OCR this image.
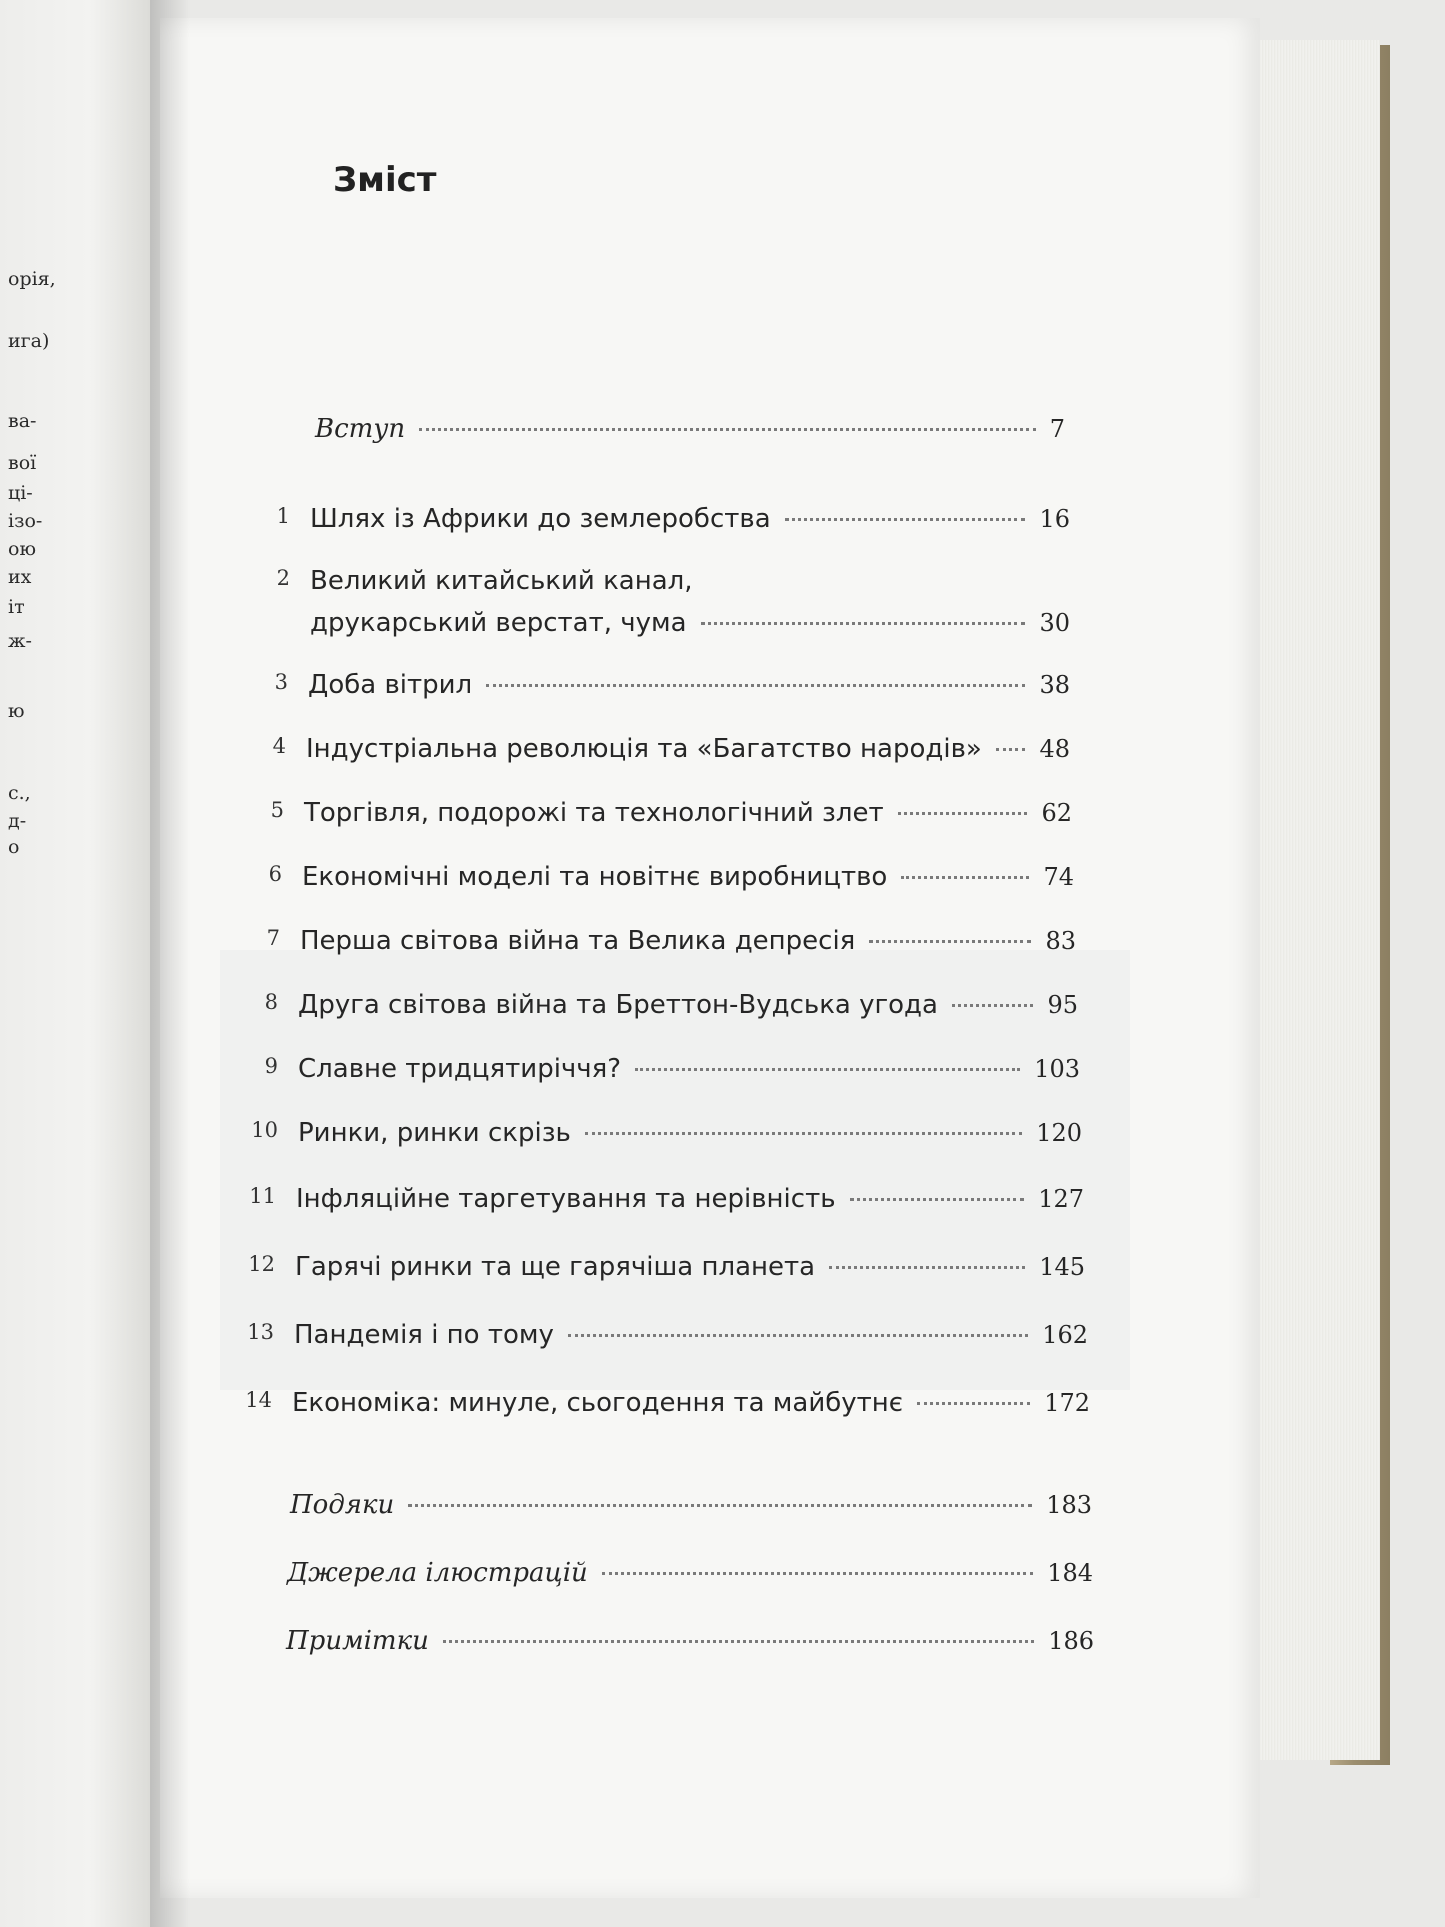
орія,
ига)
ва-
вої
ці-
ізо-
ою
их
іт
ж-
ю
с.,
д-
о
Зміст
Вступ	7
1 Шлях із Африки до землеробства	16
2 Великий китайський канал,
друкарський верстат, чума	30
3 Доба вітрил	38
4 Індустріальна революція та «Багатство народів» 48
5 Торгівля, подорожі та технологічний злет	62
6 Економічні моделі та новітнє виробництво	74
7 Перша світова війна та Велика депресія	83
8 Друга світова війна та Бреттон-Вудська угода	95
9 Славне тридцятиріччя?	103
10 Ринки, ринки скрізь	120
11 Інфляційне таргетування та нерівність	127
12 Гарячі ринки та ще гарячіша планета	145
13 Пандемія і по тому	162
14 Економіка: минуле, сьогодення та майбутнє	172
Подяки	183
Джерела ілюстрацій	184
Примітки	186
